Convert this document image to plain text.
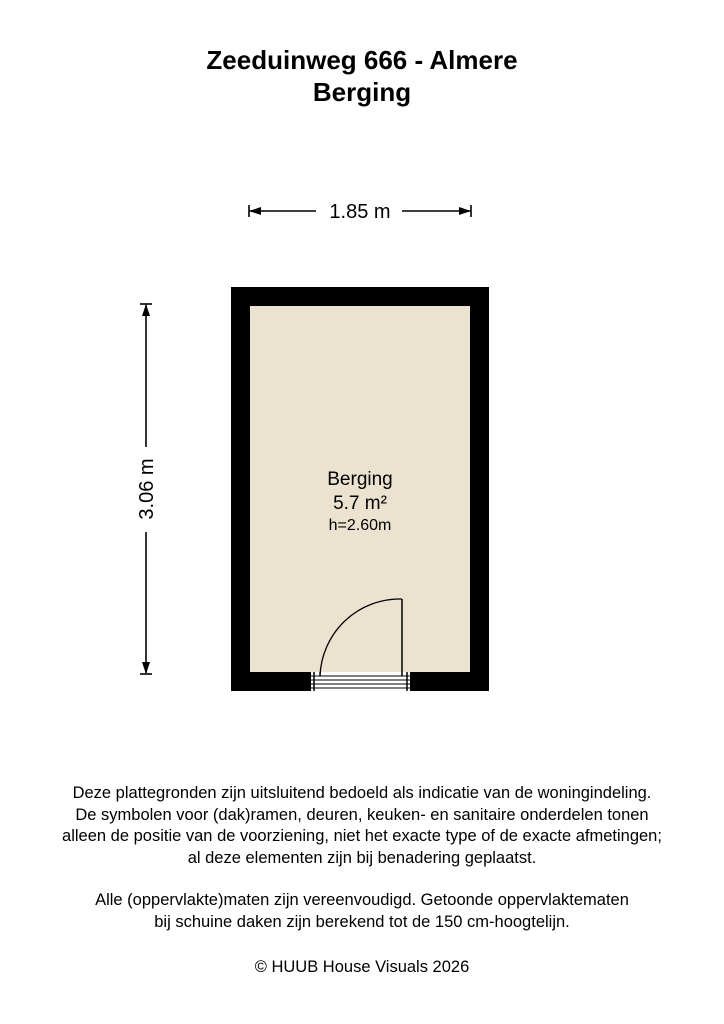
Zeeduinweg 666 - Almere
Berging
1.85 m
3.06 m	Berging
5.7 m²
h=2.60m

Deze plattegronden zijn uitsluitend bedoeld als indicatie van de woningindeling.

De symbolen voor (dak)ramen, deuren, keuken- en sanitaire onderdelen tonen

alleen de positie van de voorziening, niet het exacte type of de exacte afmetingen;

al deze elementen zijn bij benadering geplaatst.

Alle (oppervlakte)maten zijn vereenvoudigd. Getoonde oppervlaktematen

bij schuine daken zijn berekend tot de 150 cm-hoogtelijn.

© HUUB House Visuals 2026
